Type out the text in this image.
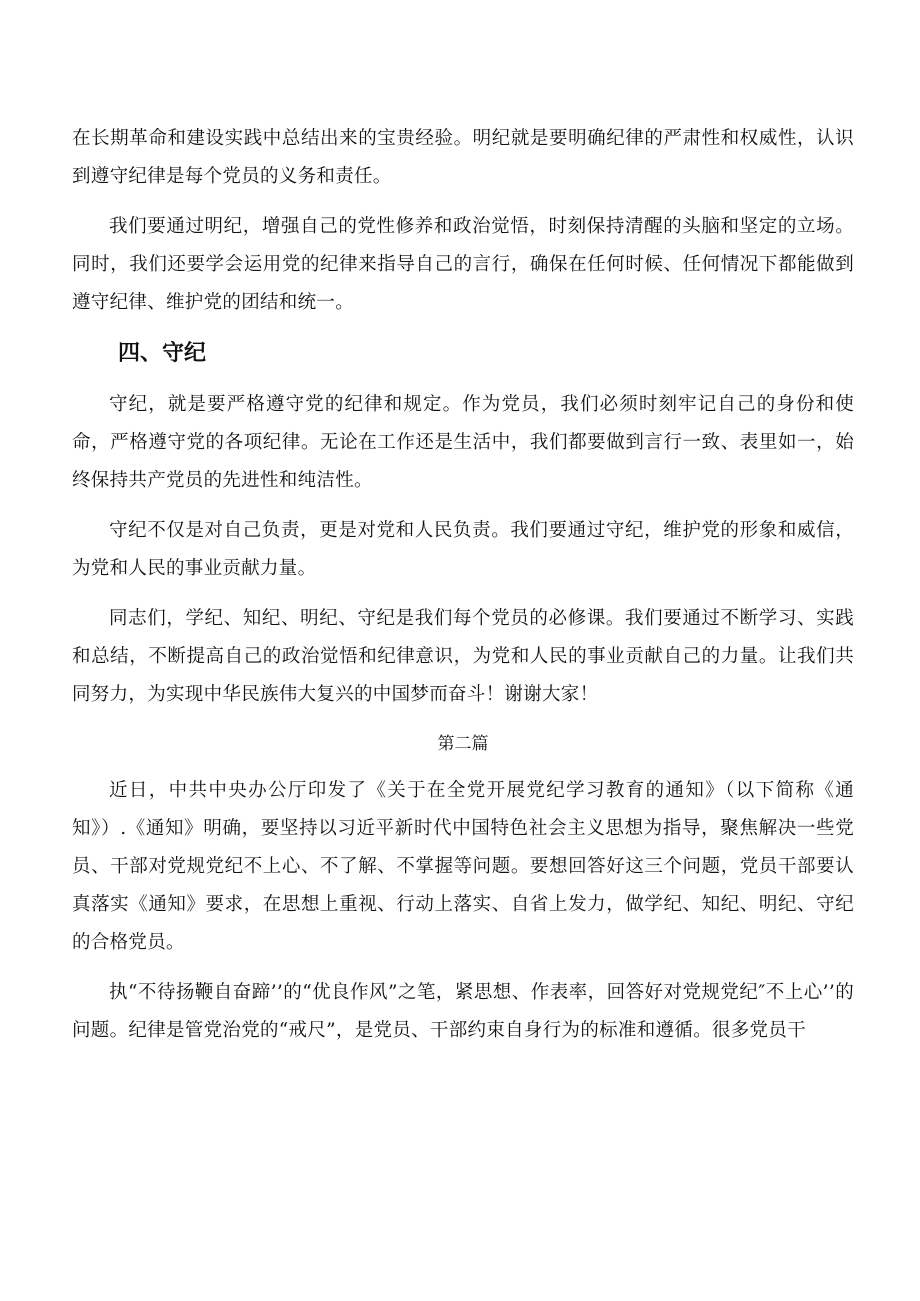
在长期革命和建设实践中总结出来的宝贵经验。明纪就是要明确纪律的严肃性和权威性，认识到遵守纪律是每个党员的义务和责任。

我们要通过明纪，增强自己的党性修养和政治觉悟，时刻保持清醒的头脑和坚定的立场。同时，我们还要学会运用党的纪律来指导自己的言行，确保在任何时候、任何情况下都能做到遵守纪律、维护党的团结和统一。

四、守纪

守纪，就是要严格遵守党的纪律和规定。作为党员，我们必须时刻牢记自己的身份和使命，严格遵守党的各项纪律。无论在工作还是生活中，我们都要做到言行一致、表里如一，始终保持共产党员的先进性和纯洁性。

守纪不仅是对自己负责，更是对党和人民负责。我们要通过守纪，维护党的形象和威信，为党和人民的事业贡献力量。

同志们，学纪、知纪、明纪、守纪是我们每个党员的必修课。我们要通过不断学习、实践和总结，不断提高自己的政治觉悟和纪律意识，为党和人民的事业贡献自己的力量。让我们共同努力，为实现中华民族伟大复兴的中国梦而奋斗！谢谢大家！

第二篇

近日，中共中央办公厅印发了《关于在全党开展党纪学习教育的通知》（以下简称《通知》）.《通知》明确，要坚持以习近平新时代中国特色社会主义思想为指导，聚焦解决一些党员、干部对党规党纪不上心、不了解、不掌握等问题。要想回答好这三个问题，党员干部要认真落实《通知》要求，在思想上重视、行动上落实、自省上发力，做学纪、知纪、明纪、守纪的合格党员。

执“不待扬鞭自奋蹄’’的“优良作风”之笔，紧思想、作表率，回答好对党规党纪″不上心’’的问题。纪律是管党治党的“戒尺”，是党员、干部约束自身行为的标准和遵循。很多党员干
